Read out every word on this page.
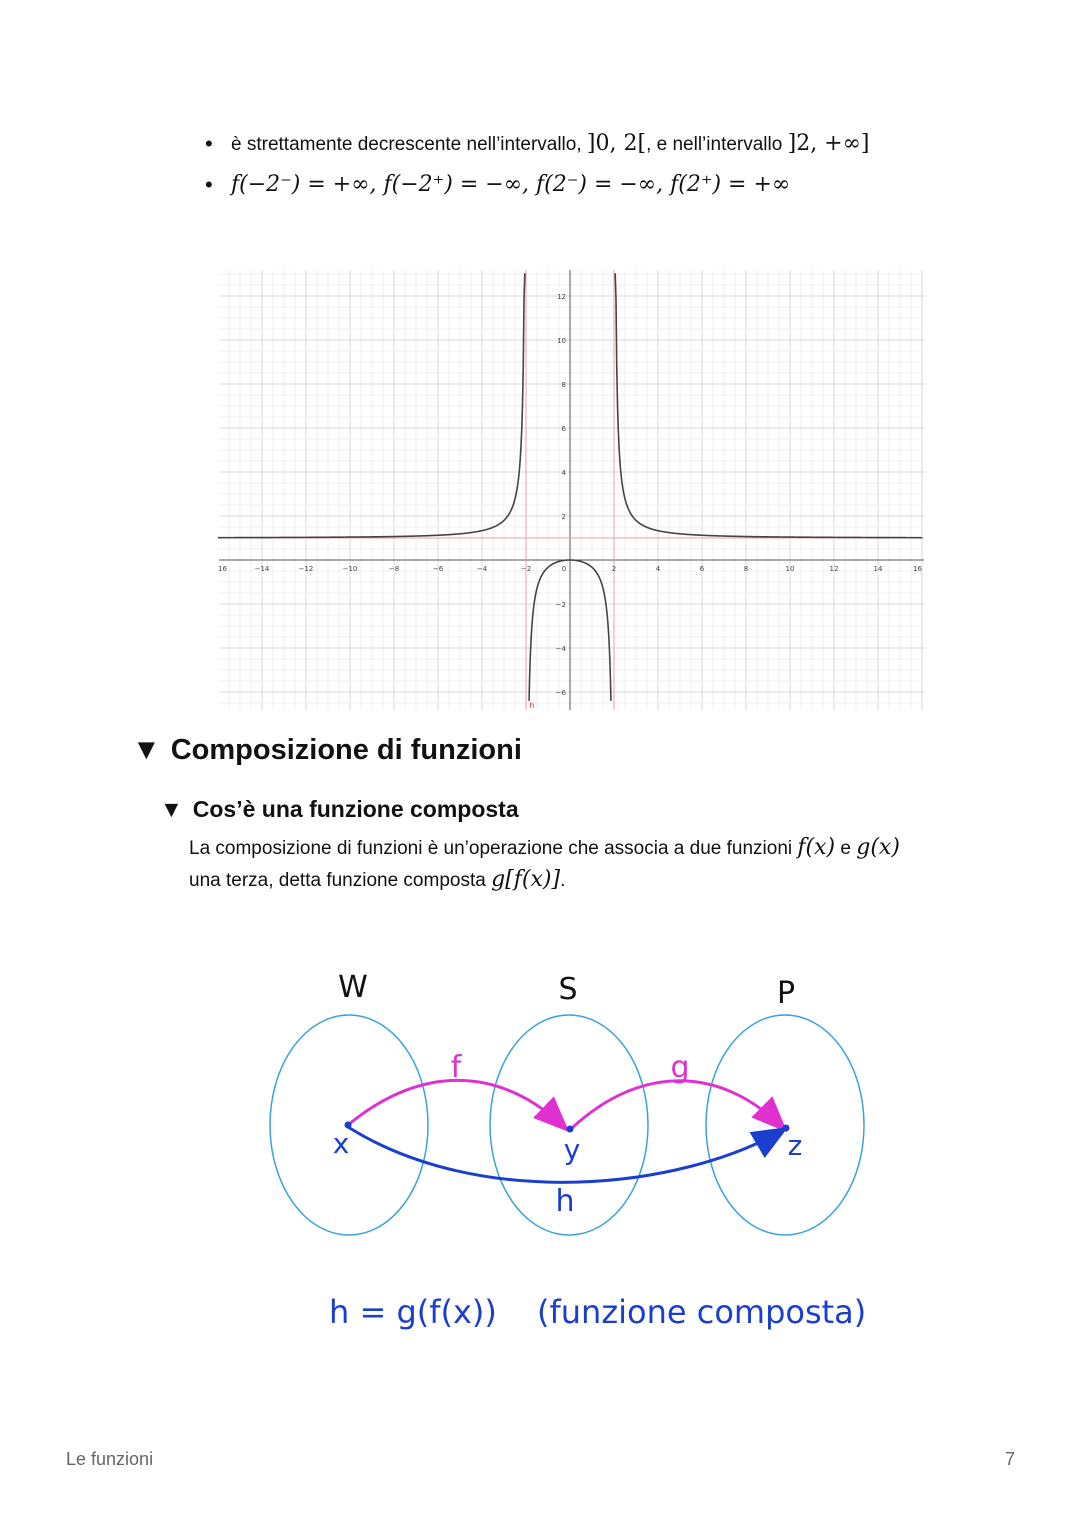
• è strettamente decrescente nell’intervallo, ]0, 2[, e nell’intervallo ]2, +∞]
• f(−2⁻) = +∞, f(−2⁺) = −∞, f(2⁻) = −∞, f(2⁺) = +∞
16	−14	−12	−10	−8	−6	−4	−2	0	2	4	6	8	10	12	14	16
12
10
8
6
4
2
−2
−4
−6
h
▼ Composizione di funzioni
▼ Cos’è una funzione composta
La composizione di funzioni è un’operazione che associa a due funzioni f(x) e g(x)
una terza, detta funzione composta g[f(x)].
W	S	P
x	y	z
f	g
h
h = g(f(x)) (funzione composta)
Le funzioni	7
